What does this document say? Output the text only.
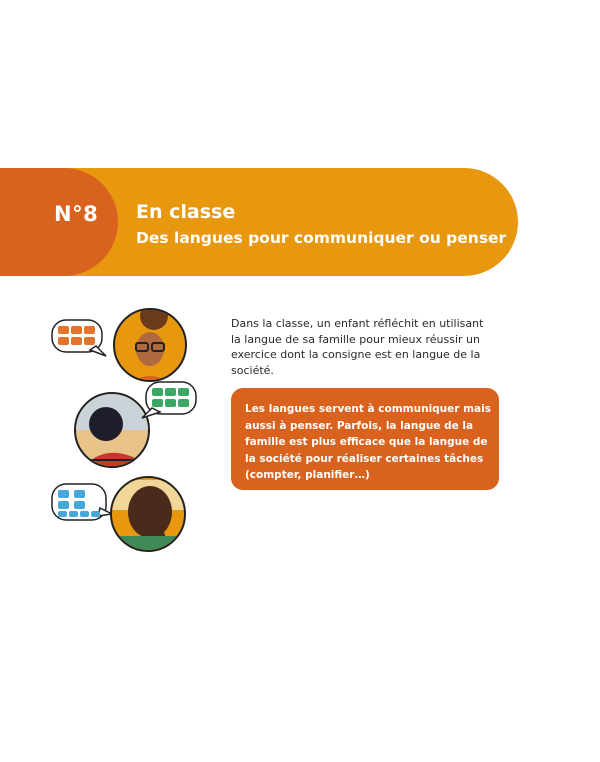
N°8 En classe
Des langues pour communiquer ou penser
Dans la classe, un enfant réfléchit en utilisant la langue de sa famille pour mieux réussir un exercice dont la consigne est en langue de la société.
Les langues servent à communiquer mais aussi à penser. Parfois, la langue de la famille est plus efficace que la langue de la société pour réaliser certaines tâches (compter, planifier…)
